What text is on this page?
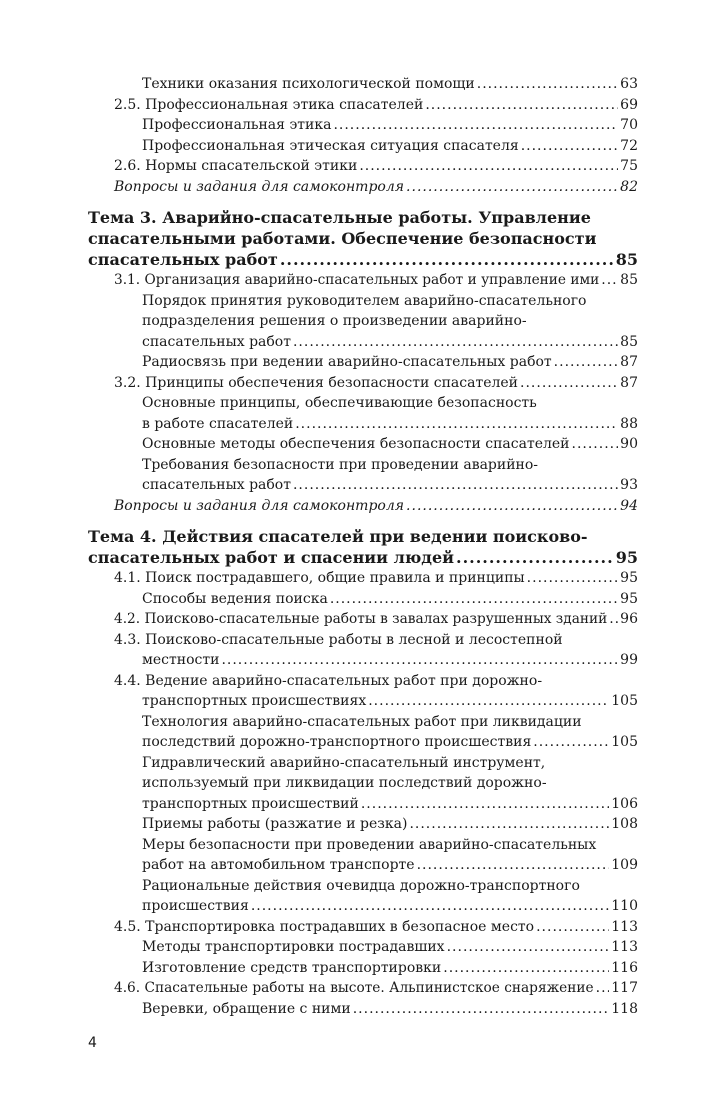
Техники оказания психологической помощи .....	63
2.5. Профессиональная этика спасателей .....	69
Профессиональная этика .....	70
Профессиональная этическая ситуация спасателя .....	72
2.6. Нормы спасательской этики .....	75
Вопросы и задания для самоконтроля .....	82
Тема 3. Аварийно-спасательные работы. Управление
спасательными работами. Обеспечение безопасности
спасательных работ .....	85
3.1. Организация аварийно-спасательных работ и управление ими ..... 85
Порядок принятия руководителем аварийно-спасательного
подразделения решения о произведении аварийно-
спасательных работ .....	85
Радиосвязь при ведении аварийно-спасательных работ .....	87
3.2. Принципы обеспечения безопасности спасателей .....	87
Основные принципы, обеспечивающие безопасность
в работе спасателей .....	88
Основные методы обеспечения безопасности спасателей .....	90
Требования безопасности при проведении аварийно-
спасательных работ .....	93
Вопросы и задания для самоконтроля .....	94
Тема 4. Действия спасателей при ведении поисково-
спасательных работ и спасении людей .....	95
4.1. Поиск пострадавшего, общие правила и принципы .....	95
Способы ведения поиска .....	95
4.2. Поисково-спасательные работы в завалах разрушенных зданий ..... 96
4.3. Поисково-спасательные работы в лесной и лесостепной
местности .....	99
4.4. Ведение аварийно-спасательных работ при дорожно-
транспортных происшествиях .....	105
Технология аварийно-спасательных работ при ликвидации
последствий дорожно-транспортного происшествия .....	105
Гидравлический аварийно-спасательный инструмент,
используемый при ликвидации последствий дорожно-
транспортных происшествий .....	106
Приемы работы (разжатие и резка) .....	108
Меры безопасности при проведении аварийно-спасательных
работ на автомобильном транспорте .....	109
Рациональные действия очевидца дорожно-транспортного
происшествия .....	110
4.5. Транспортировка пострадавших в безопасное место .....	113
Методы транспортировки пострадавших .....	113
Изготовление средств транспортировки .....	116
4.6. Спасательные работы на высоте. Альпинистское снаряжение ..... 117
Веревки, обращение с ними .....	118
4
